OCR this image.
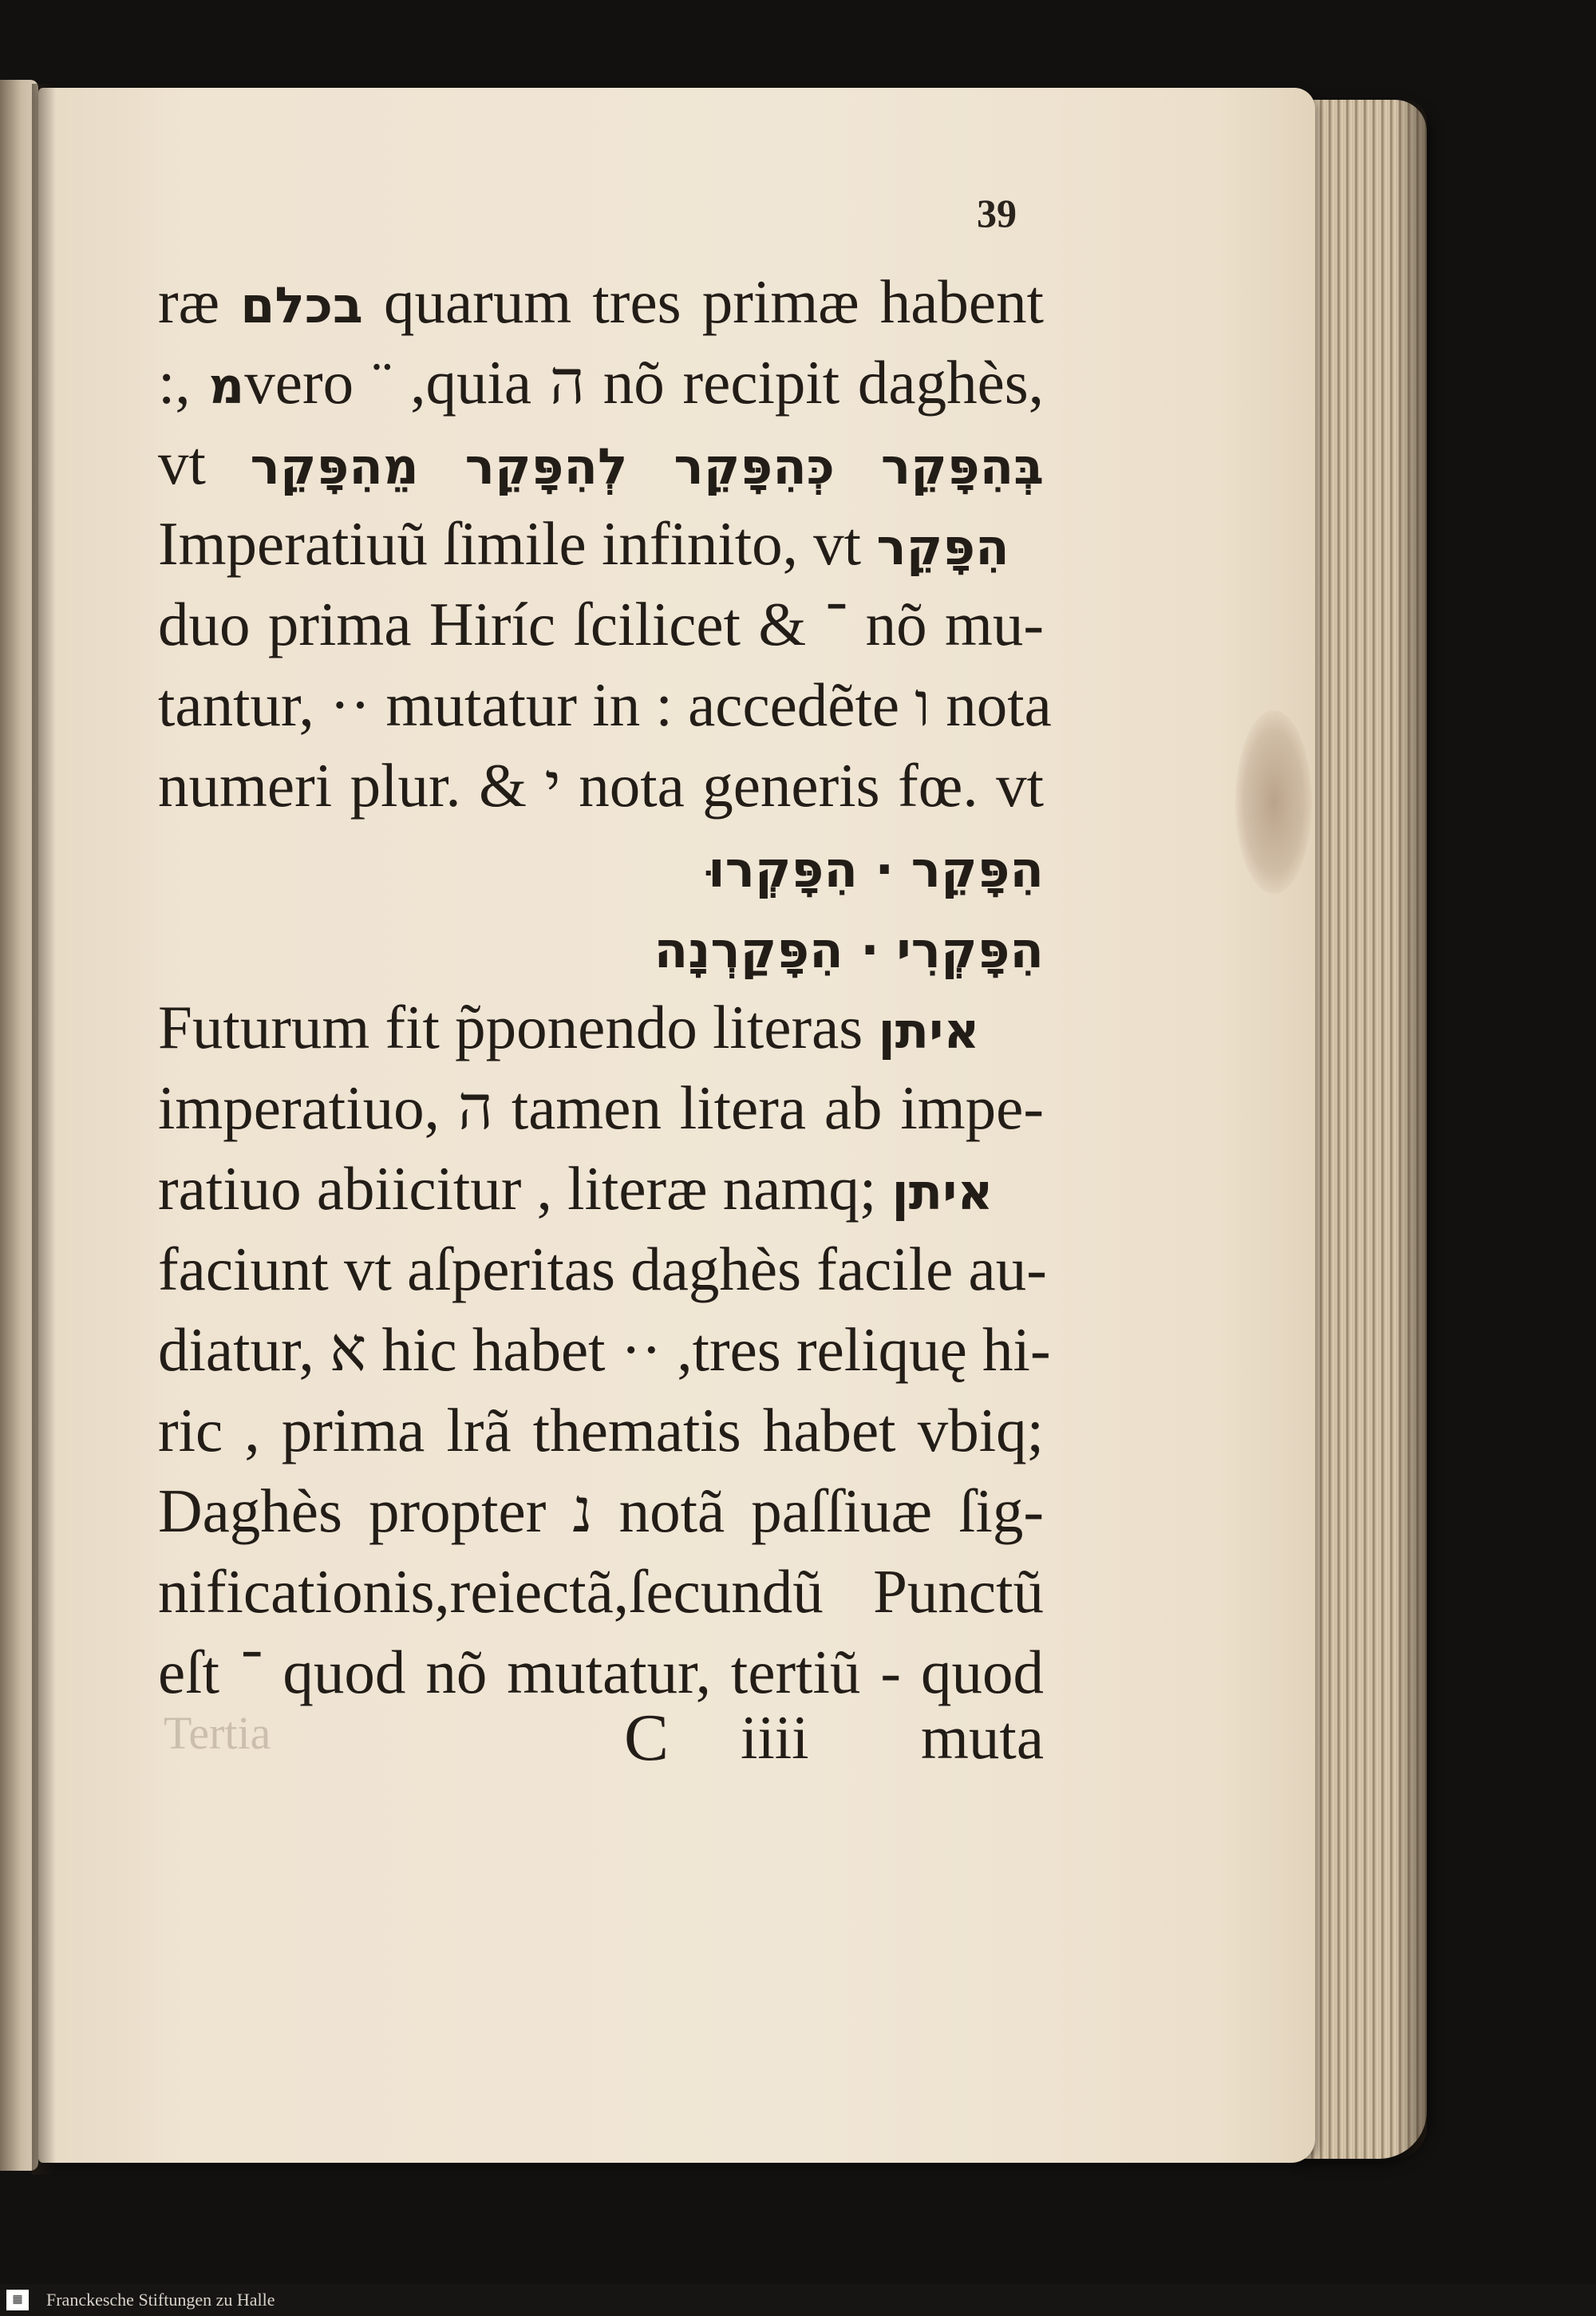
39
ræ בכלם quarum tres primæ habent
:, מvero ¨ ,quia ה nõ recipit daghès,
vt בְּהִפָּקֵר כְּהִפָּקֵר לְהִפָּקֵר מֵהִפָּקֵר
Imperatiuũ ſimile infinito, vt הִפָּקֵר
duo prima Hiríc ſcilicet & ־ nõ mu-
tantur, ·· mutatur in : accedẽte ו nota
numeri plur. & י nota generis fœ. vt
הִפָּקֵר · הִפָּקְרוּ
הִפָּקְרִי · הִפָּקַרְנָה
Futurum fit p̃ponendo literas איתן
imperatiuo, ה tamen litera ab impe-
ratiuo abiicitur , literæ namq; איתן
faciunt vt aſperitas daghès facile au-
diatur, א hic habet ·· ,tres reliquę hi-
ric , prima lrã thematis habet vbiq;
Daghès propter נ notã paſſiuæ ſig-
nificationis,reiectã,ſecundũ Punctũ
eſt ־ quod nõ mutatur, tertiũ - quod
Tertia	C iiii muta
▦	Franckesche Stiftungen zu Halle
